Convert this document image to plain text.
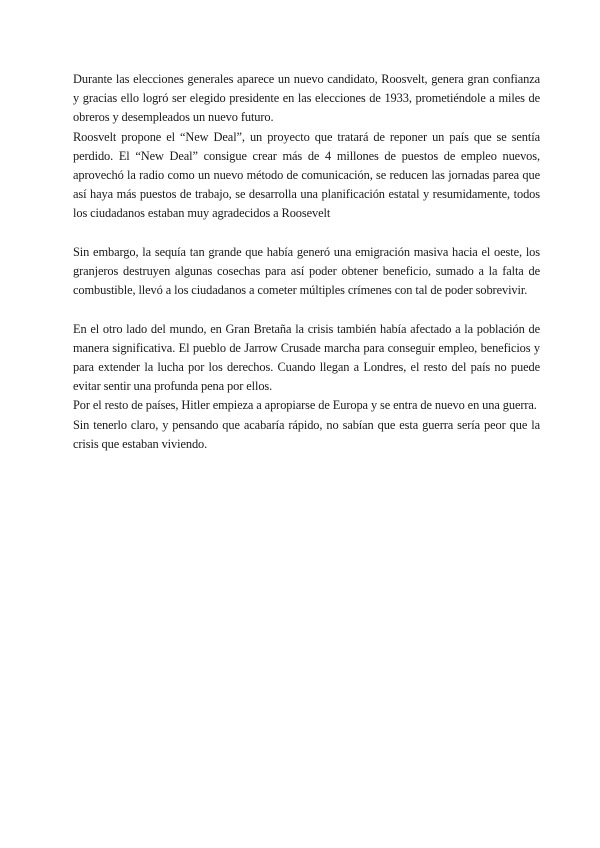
Durante las elecciones generales aparece un nuevo candidato, Roosvelt, genera gran confianza y gracias ello logró ser elegido presidente en las elecciones de 1933, prometiéndole a miles de obreros y desempleados un nuevo futuro.

Roosvelt propone el “New Deal”, un proyecto que tratará de reponer un país que se sentía perdido. El “New Deal” consigue crear más de 4 millones de puestos de empleo nuevos, aprovechó la radio como un nuevo método de comunicación, se reducen las jornadas parea que así haya más puestos de trabajo, se desarrolla una planificación estatal y resumidamente, todos los ciudadanos estaban muy agradecidos a Roosevelt

Sin embargo, la sequía tan grande que había generó una emigración masiva hacia el oeste, los granjeros destruyen algunas cosechas para así poder obtener beneficio, sumado a la falta de combustible, llevó a los ciudadanos a cometer múltiples crímenes con tal de poder sobrevivir.

En el otro lado del mundo, en Gran Bretaña la crisis también había afectado a la población de manera significativa. El pueblo de Jarrow Crusade marcha para conseguir empleo, beneficios y para extender la lucha por los derechos. Cuando llegan a Londres, el resto del país no puede evitar sentir una profunda pena por ellos.

Por el resto de países, Hitler empieza a apropiarse de Europa y se entra de nuevo en una guerra.

Sin tenerlo claro, y pensando que acabaría rápido, no sabían que esta guerra sería peor que la crisis que estaban viviendo.
